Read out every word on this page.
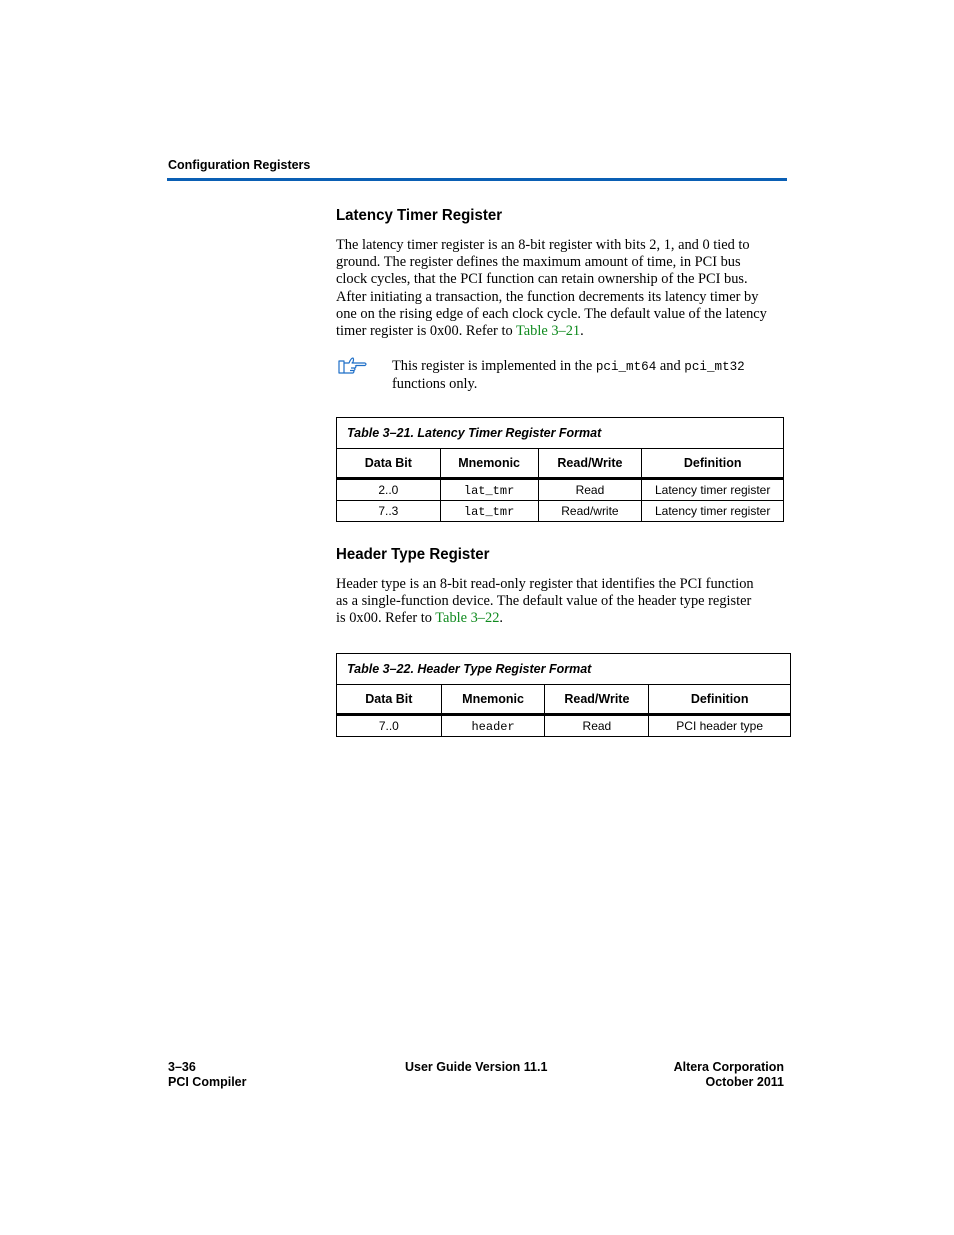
Configuration Registers
Latency Timer Register
The latency timer register is an 8-bit register with bits 2, 1, and 0 tied to
ground. The register defines the maximum amount of time, in PCI bus
clock cycles, that the PCI function can retain ownership of the PCI bus.
After initiating a transaction, the function decrements its latency timer by
one on the rising edge of each clock cycle. The default value of the latency
timer register is 0x00. Refer to Table 3–21.
This register is implemented in the pci_mt64 and pci_mt32
functions only.
Table 3–21. Latency Timer Register Format			
Data Bit	Mnemonic	Read/Write	Definition
2..0	lat_tmr	Read	Latency timer register
7..3	lat_tmr	Read/write	Latency timer register
Header Type Register
Header type is an 8-bit read-only register that identifies the PCI function
as a single-function device. The default value of the header type register
is 0x00. Refer to Table 3–22.
Table 3–22. Header Type Register Format			
Data Bit	Mnemonic	Read/Write	Definition
7..0	header	Read	PCI header type
3–36
PCI Compiler
User Guide Version 11.1	Altera Corporation
October 2011
